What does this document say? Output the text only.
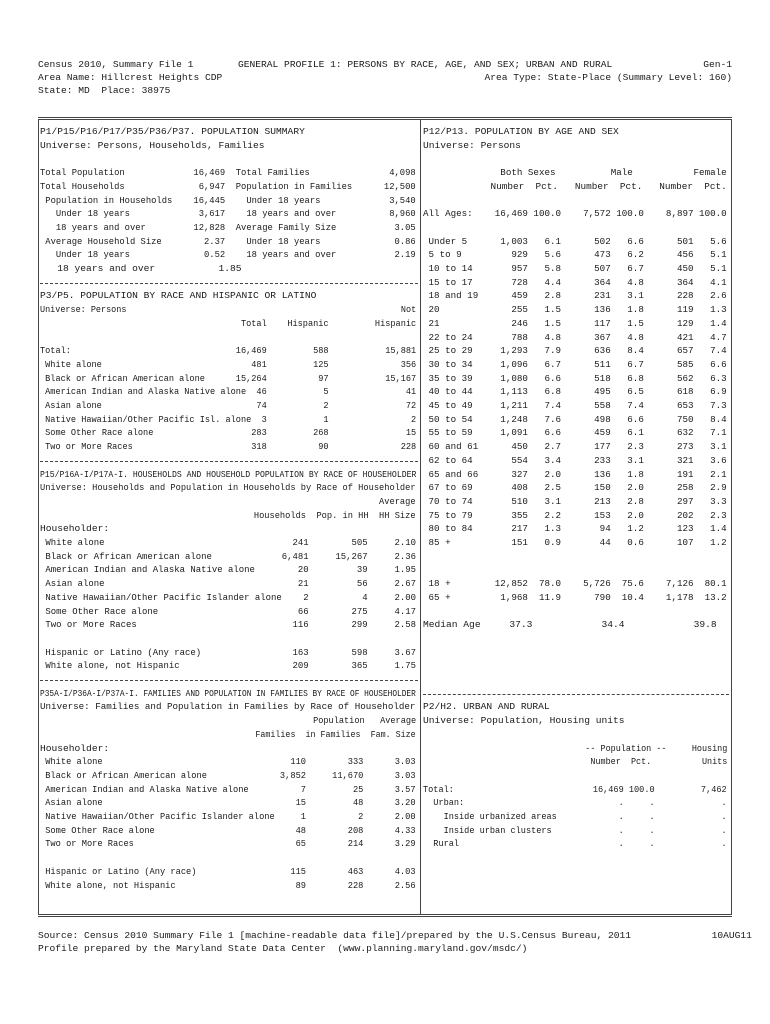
Census 2010, Summary File 1
Area Name: Hillcrest Heights CDP
State: MD  Place: 38975
GENERAL PROFILE 1: PERSONS BY RACE, AGE, AND SEX; URBAN AND RURAL	Gen-1
Area Type: State-Place (Summary Level: 160)
P1/P15/P16/P17/P35/P36/P37. POPULATION SUMMARY
Universe: Persons, Households, Families
Total Population             16,469  Total Families               4,098
Total Households              6,947  Population in Families      12,500
Population in Households    16,445    Under 18 years             3,540
Under 18 years             3,617    18 years and over          8,960
18 years and over         12,828  Average Family Size           3.05
Average Household Size        2.37    Under 18 years              0.86
Under 18 years              0.52    18 years and over           2.19
18 years and over           1.85
P3/P5. POPULATION BY RACE AND HISPANIC OR LATINO
Universe: Persons                                                      Not
Total    Hispanic         Hispanic
Total:                                16,469         588           15,881
White alone                             481         125              356
Black or African American alone      15,264          97           15,167
American Indian and Alaska Native alone  46           5               41
Asian alone                              74           2               72
Native Hawaiian/Other Pacific Isl. alone  3           1                2
Some Other Race alone                   283         268               15
Two or More Races                       318          90              228
P15/P16A-I/P17A-I. HOUSEHOLDS AND HOUSEHOLD POPULATION BY RACE OF HOUSEHOLDER
Universe: Households and Population in Households by Race of Householder
Average
Households  Pop. in HH  HH Size
Householder:
White alone                                   241        505     2.10
Black or African American alone             6,481     15,267     2.36
American Indian and Alaska Native alone        20         39     1.95
Asian alone                                    21         56     2.67
Native Hawaiian/Other Pacific Islander alone    2          4     2.00
Some Other Race alone                          66        275     4.17
Two or More Races                             116        299     2.58
Hispanic or Latino (Any race)                 163        598     3.67
White alone, not Hispanic                     209        365     1.75
P35A-I/P36A-I/P37A-I. FAMILIES AND POPULATION IN FAMILIES BY RACE OF HOUSEHOLDER
Universe: Families and Population in Families by Race of Householder
Population   Average
Families  in Families  Fam. Size
Householder:
White alone                                    110        333      3.03
Black or African American alone              3,852     11,670      3.03
American Indian and Alaska Native alone          7         25      3.57
Asian alone                                     15         48      3.20
Native Hawaiian/Other Pacific Islander alone     1          2      2.00
Some Other Race alone                           48        208      4.33
Two or More Races                               65        214      3.29
Hispanic or Latino (Any race)                  115        463      4.03
White alone, not Hispanic                       89        228      2.56
P12/P13. POPULATION BY AGE AND SEX
Universe: Persons
Both Sexes          Male           Female
Number  Pct.   Number  Pct.   Number  Pct.
All Ages:    16,469 100.0    7,572 100.0    8,897 100.0
Under 5      1,003   6.1      502   6.6      501   5.6
5 to 9         929   5.6      473   6.2      456   5.1
10 to 14       957   5.8      507   6.7      450   5.1
15 to 17       728   4.4      364   4.8      364   4.1
18 and 19      459   2.8      231   3.1      228   2.6
20             255   1.5      136   1.8      119   1.3
21             246   1.5      117   1.5      129   1.4
22 to 24       788   4.8      367   4.8      421   4.7
25 to 29     1,293   7.9      636   8.4      657   7.4
30 to 34     1,096   6.7      511   6.7      585   6.6
35 to 39     1,080   6.6      518   6.8      562   6.3
40 to 44     1,113   6.8      495   6.5      618   6.9
45 to 49     1,211   7.4      558   7.4      653   7.3
50 to 54     1,248   7.6      498   6.6      750   8.4
55 to 59     1,091   6.6      459   6.1      632   7.1
60 and 61      450   2.7      177   2.3      273   3.1
62 to 64       554   3.4      233   3.1      321   3.6
65 and 66      327   2.0      136   1.8      191   2.1
67 to 69       408   2.5      150   2.0      258   2.9
70 to 74       510   3.1      213   2.8      297   3.3
75 to 79       355   2.2      153   2.0      202   2.3
80 to 84       217   1.3       94   1.2      123   1.4
85 +           151   0.9       44   0.6      107   1.2
18 +        12,852  78.0    5,726  75.6    7,126  80.1
65 +         1,968  11.9      790  10.4    1,178  13.2
Median Age     37.3            34.4            39.8
P2/H2. URBAN AND RURAL
Universe: Population, Housing units
-- Population --     Housing
Number  Pct.          Units
Total:                           16,469 100.0         7,462
Urban:                              .     .             .
Inside urbanized areas            .     .             .
Inside urban clusters             .     .             .
Rural                               .     .             .
Source: Census 2010 Summary File 1 [machine-readable data file]/prepared by the U.S.Census Bureau, 2011              10AUG11
Profile prepared by the Maryland State Data Center  (www.planning.maryland.gov/msdc/)
